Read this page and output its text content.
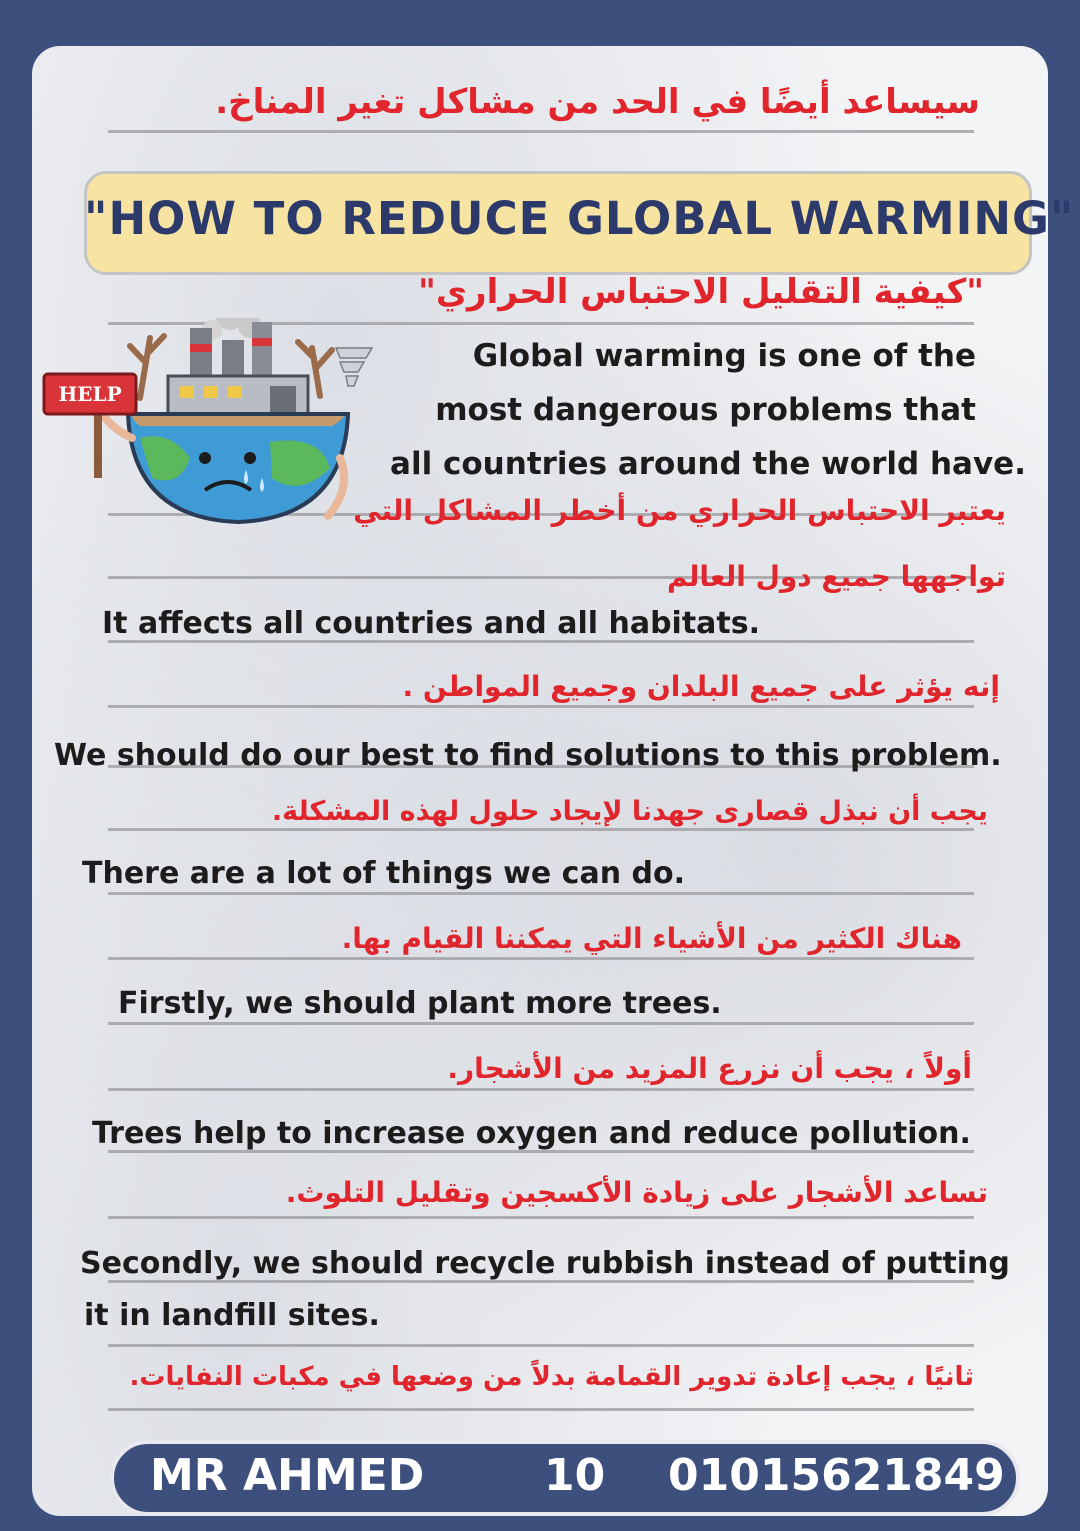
سيساعد أيضًا في الحد من مشاكل تغير المناخ.
"HOW TO REDUCE GLOBAL WARMING"
"كيفية التقليل الاحتباس الحراري"
HELP
Global warming is one of the
most dangerous problems that
all countries around the world have.
يعتبر الاحتباس الحراري من أخطر المشاكل التي
تواجهها جميع دول العالم
It affects all countries and all habitats.
إنه يؤثر على جميع البلدان وجميع المواطن .
We should do our best to find solutions to this problem.
يجب أن نبذل قصارى جهدنا لإيجاد حلول لهذه المشكلة.
There are a lot of things we can do.
هناك الكثير من الأشياء التي يمكننا القيام بها.
Firstly, we should plant more trees.
أولاً ، يجب أن نزرع المزيد من الأشجار.
Trees help to increase oxygen and reduce pollution.
تساعد الأشجار على زيادة الأكسجين وتقليل التلوث.
Secondly, we should recycle rubbish instead of putting
it in landfill sites.
ثانيًا ، يجب إعادة تدوير القمامة بدلاً من وضعها في مكبات النفايات.
MR AHMED	10 01015621849
